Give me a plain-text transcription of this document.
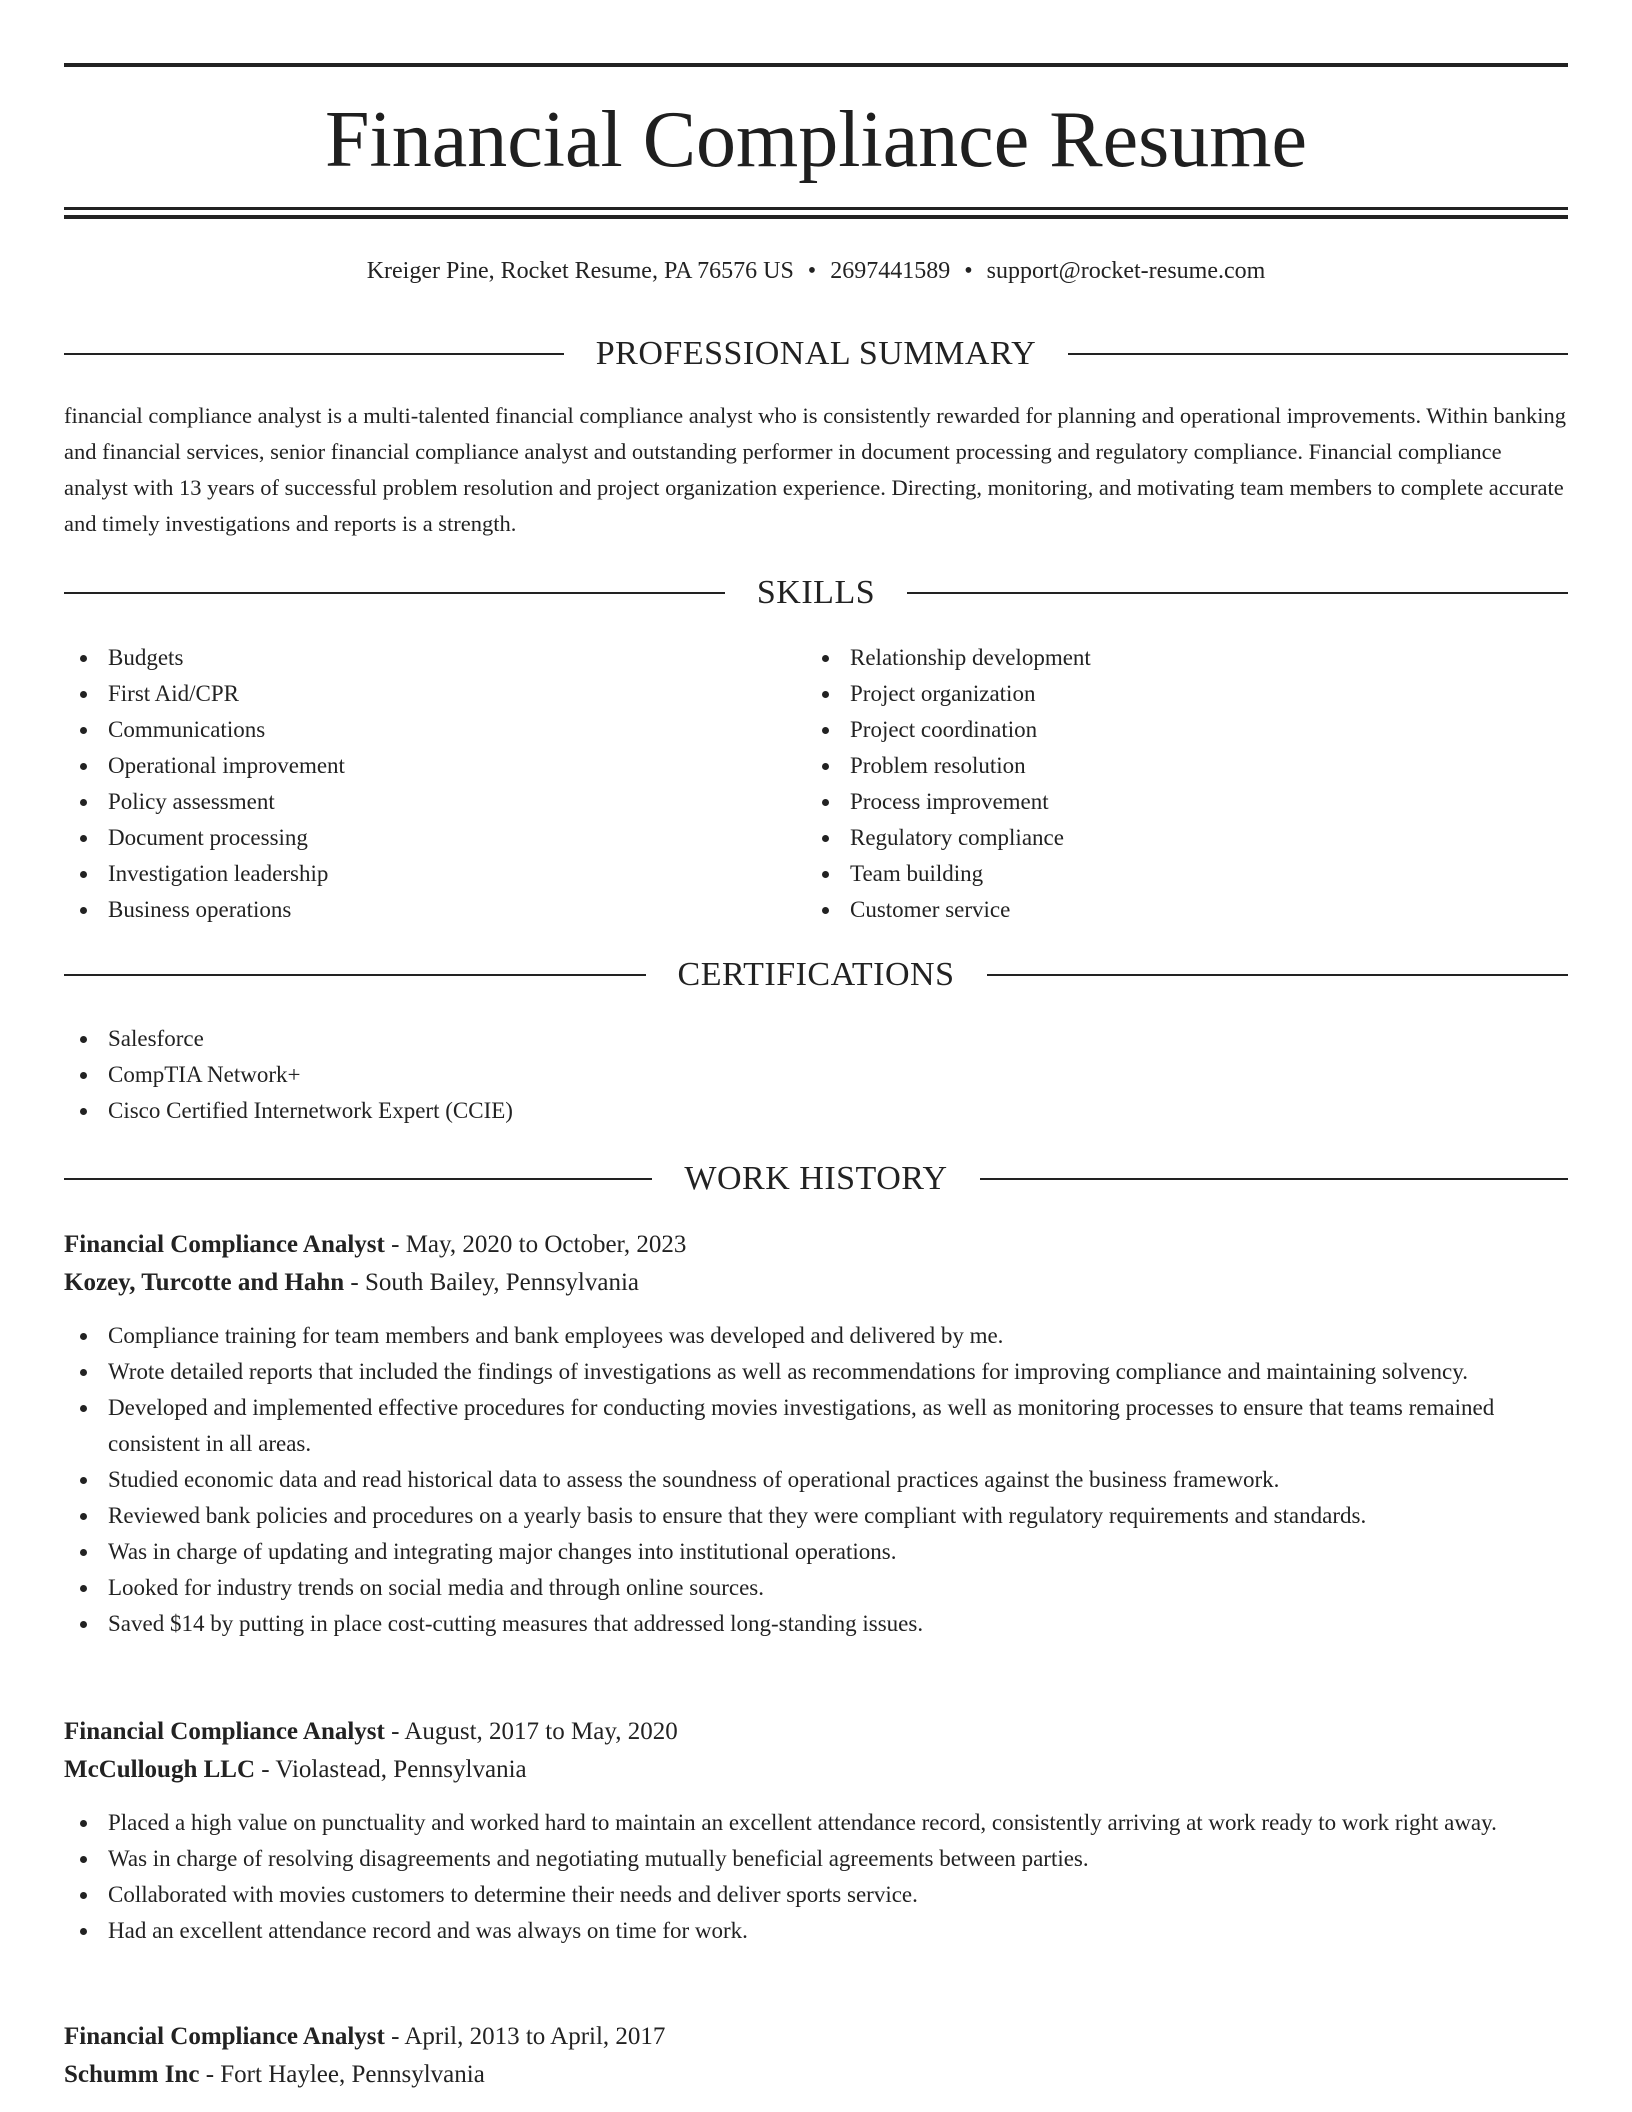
Financial Compliance Resume
Kreiger Pine, Rocket Resume, PA 76576 US • 2697441589 • support@rocket-resume.com
PROFESSIONAL SUMMARY
financial compliance analyst is a multi-talented financial compliance analyst who is consistently rewarded for planning and operational improvements. Within banking and financial services, senior financial compliance analyst and outstanding performer in document processing and regulatory compliance. Financial compliance analyst with 13 years of successful problem resolution and project organization experience. Directing, monitoring, and motivating team members to complete accurate and timely investigations and reports is a strength.
SKILLS
Budgets
First Aid/CPR
Communications
Operational improvement
Policy assessment
Document processing
Investigation leadership
Business operations
Relationship development
Project organization
Project coordination
Problem resolution
Process improvement
Regulatory compliance
Team building
Customer service
CERTIFICATIONS
Salesforce
CompTIA Network+
Cisco Certified Internetwork Expert (CCIE)
WORK HISTORY
Financial Compliance Analyst - May, 2020 to October, 2023
Kozey, Turcotte and Hahn - South Bailey, Pennsylvania
Compliance training for team members and bank employees was developed and delivered by me.
Wrote detailed reports that included the findings of investigations as well as recommendations for improving compliance and maintaining solvency.
Developed and implemented effective procedures for conducting movies investigations, as well as monitoring processes to ensure that teams remained consistent in all areas.
Studied economic data and read historical data to assess the soundness of operational practices against the business framework.
Reviewed bank policies and procedures on a yearly basis to ensure that they were compliant with regulatory requirements and standards.
Was in charge of updating and integrating major changes into institutional operations.
Looked for industry trends on social media and through online sources.
Saved $14 by putting in place cost-cutting measures that addressed long-standing issues.
Financial Compliance Analyst - August, 2017 to May, 2020
McCullough LLC - Violastead, Pennsylvania
Placed a high value on punctuality and worked hard to maintain an excellent attendance record, consistently arriving at work ready to work right away.
Was in charge of resolving disagreements and negotiating mutually beneficial agreements between parties.
Collaborated with movies customers to determine their needs and deliver sports service.
Had an excellent attendance record and was always on time for work.
Financial Compliance Analyst - April, 2013 to April, 2017
Schumm Inc - Fort Haylee, Pennsylvania
